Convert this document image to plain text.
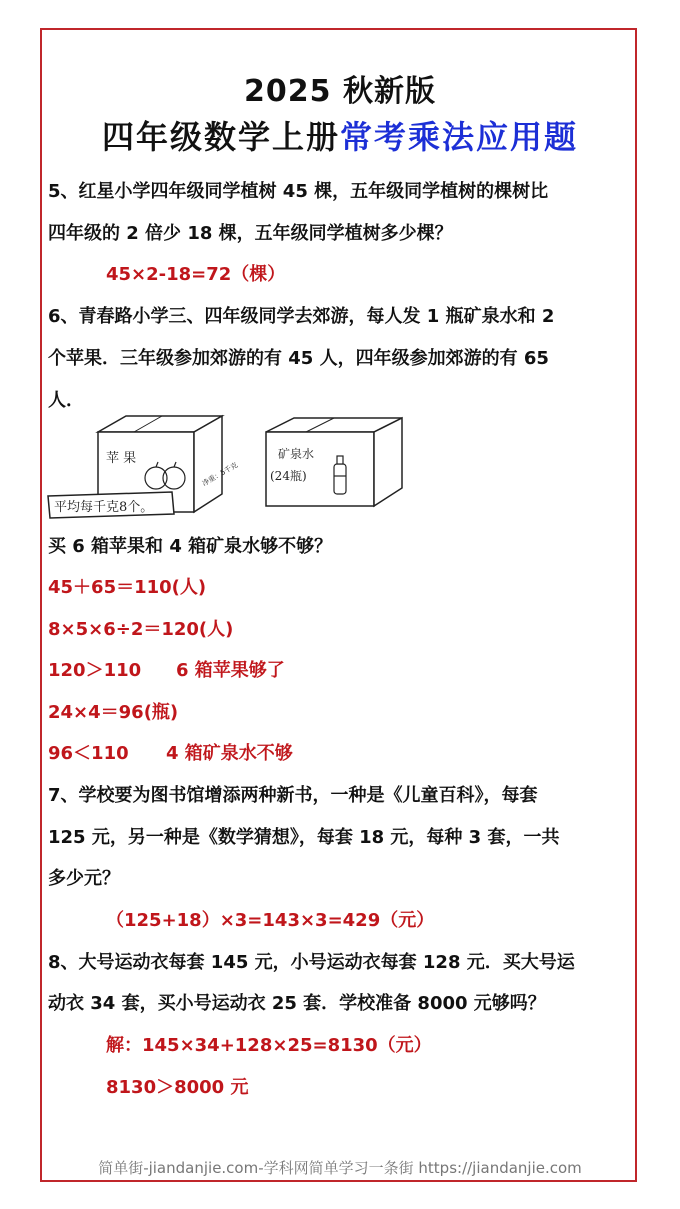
2025 秋新版
四年级数学上册常考乘法应用题
5、红星小学四年级同学植树 45 棵，五年级同学植树的棵树比
四年级的 2 倍少 18 棵，五年级同学植树多少棵？
45×2-18=72（棵）
6、青春路小学三、四年级同学去郊游，每人发 1 瓶矿泉水和 2
个苹果．三年级参加郊游的有 45 人，四年级参加郊游的有 65
人．
苹 果
净重：5千克
平均每千克8个。
矿泉水
(24瓶)
买 6 箱苹果和 4 箱矿泉水够不够？
45＋65＝110(人)
8×5×6÷2＝120(人)
120＞110 6 箱苹果够了
24×4＝96(瓶)
96＜110 4 箱矿泉水不够
7、学校要为图书馆增添两种新书，一种是《儿童百科》，每套
125 元，另一种是《数学猜想》，每套 18 元，每种 3 套，一共
多少元？
（125+18）×3=143×3=429（元）
8、大号运动衣每套 145 元，小号运动衣每套 128 元．买大号运
动衣 34 套，买小号运动衣 25 套．学校准备 8000 元够吗？
解：145×34+128×25=8130（元）
8130＞8000 元
简单街-jiandanjie.com-学科网简单学习一条街 https://jiandanjie.com
